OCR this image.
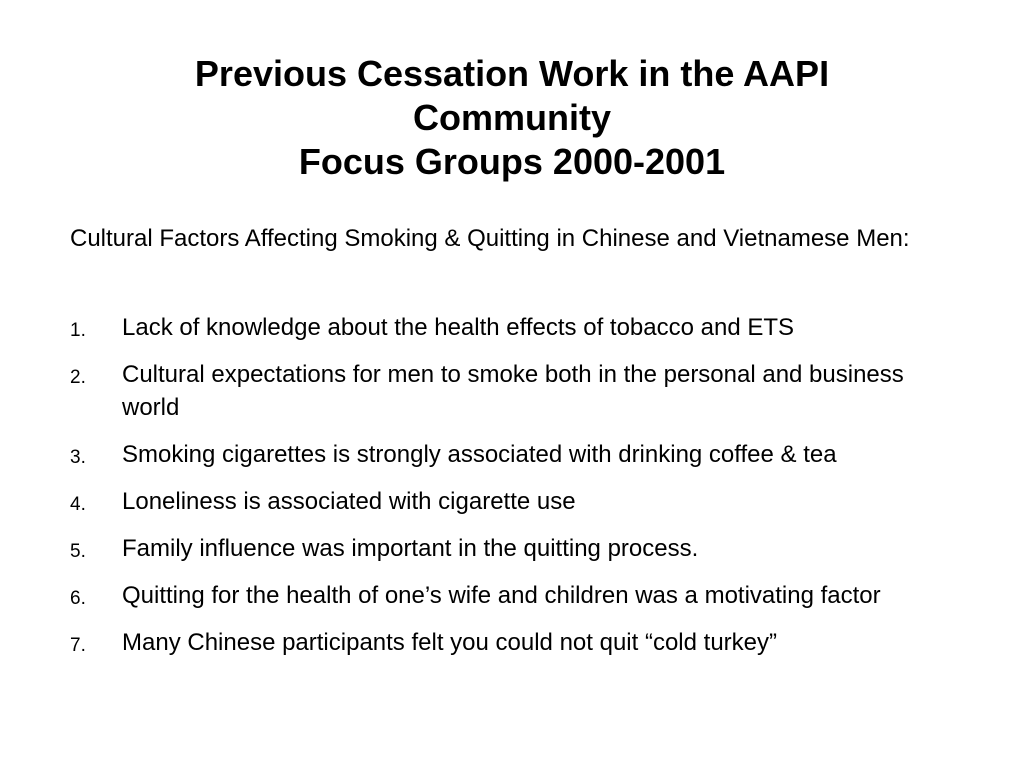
Previous Cessation Work in the AAPI
Community
Focus Groups 2000-2001
Cultural Factors Affecting Smoking & Quitting in Chinese and Vietnamese Men:
1. Lack of knowledge about the health effects of tobacco and ETS
2. Cultural expectations for men to smoke both in the personal and business world
3. Smoking cigarettes is strongly associated with drinking coffee & tea
4. Loneliness is associated with cigarette use
5. Family influence was important in the quitting process.
6. Quitting for the health of one’s wife and children was a motivating factor
7. Many Chinese participants felt you could not quit “cold turkey”
